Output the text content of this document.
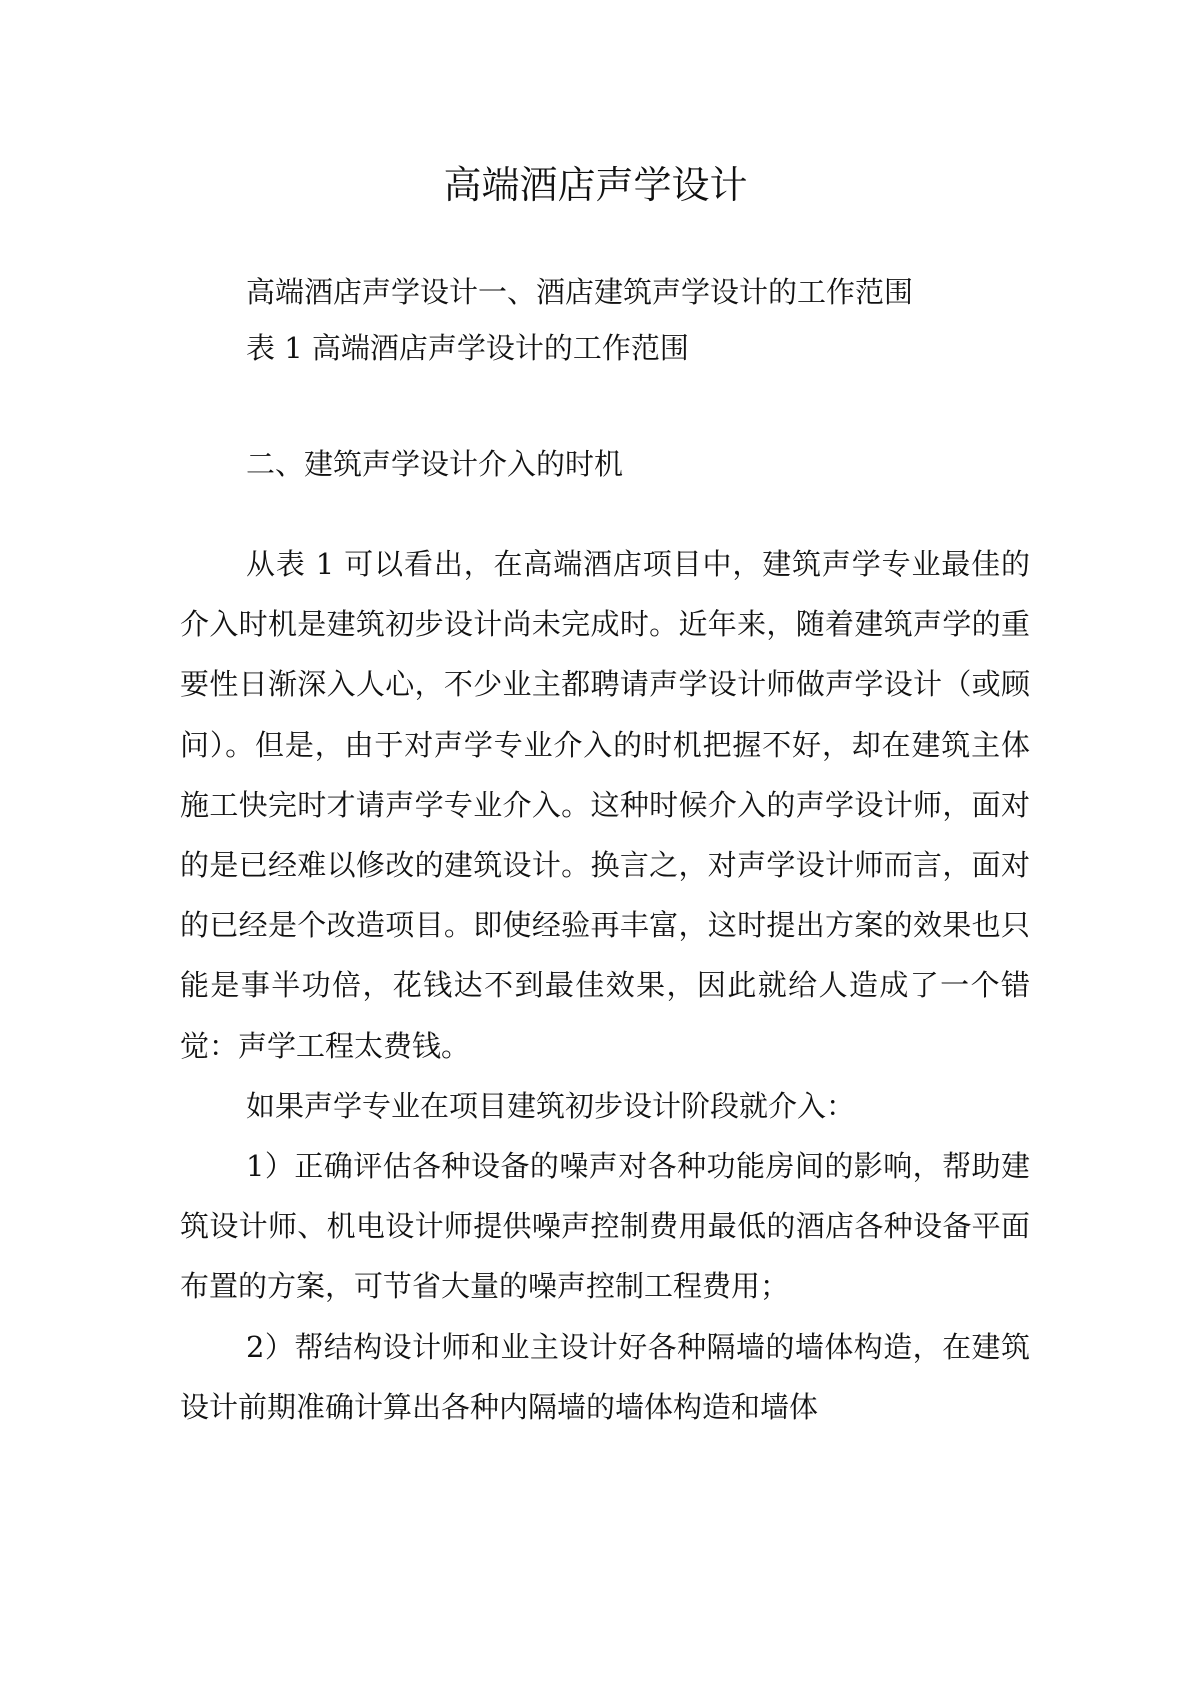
高端酒店声学设计
高端酒店声学设计一、酒店建筑声学设计的工作范围
表 1 高端酒店声学设计的工作范围
二、建筑声学设计介入的时机

从表 1 可以看出，在高端酒店项目中，建筑声学专业最佳的介入时机是建筑初步设计尚未完成时。近年来，随着建筑声学的重要性日渐深入人心，不少业主都聘请声学设计师做声学设计（或顾问）。但是，由于对声学专业介入的时机把握不好，却在建筑主体施工快完时才请声学专业介入。这种时候介入的声学设计师，面对的是已经难以修改的建筑设计。换言之，对声学设计师而言，面对的已经是个改造项目。即使经验再丰富，这时提出方案的效果也只能是事半功倍，花钱达不到最佳效果，因此就给人造成了一个错觉：声学工程太费钱。

如果声学专业在项目建筑初步设计阶段就介入：

1）正确评估各种设备的噪声对各种功能房间的影响，帮助建筑设计师、机电设计师提供噪声控制费用最低的酒店各种设备平面布置的方案，可节省大量的噪声控制工程费用；

2）帮结构设计师和业主设计好各种隔墙的墙体构造，在建筑设计前期准确计算出各种内隔墙的墙体构造和墙体
